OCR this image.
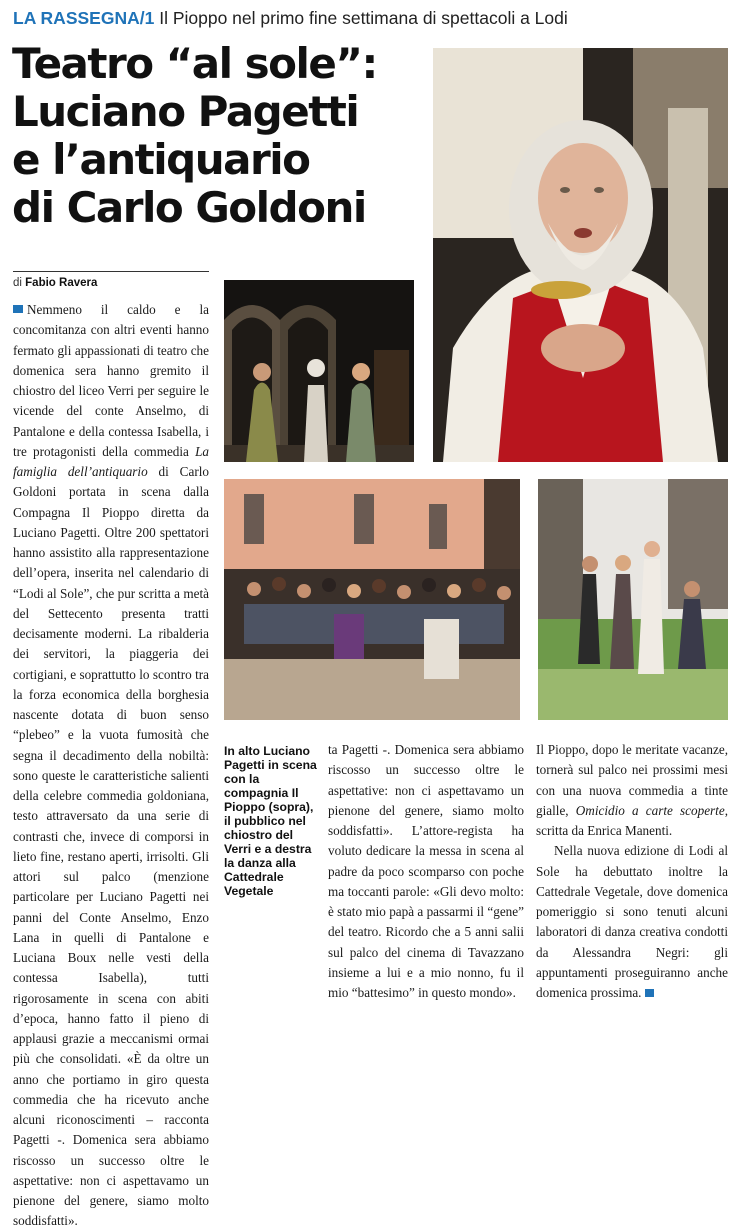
LA RASSEGNA/1 Il Pioppo nel primo fine settimana di spettacoli a Lodi
Teatro “al sole”:
Luciano Pagetti
e l’antiquario
di Carlo Goldoni
di Fabio Ravera
Nemmeno il caldo e la concomitanza con altri eventi hanno fermato gli appassionati di teatro che domenica sera hanno gremito il chiostro del liceo Verri per seguire le vicende del conte Anselmo, di Pantalone e della contessa Isabella, i tre protagonisti della commedia La famiglia dell’antiquario di Carlo Goldoni portata in scena dalla Compagna Il Pioppo diretta da Luciano Pagetti. Oltre 200 spettatori hanno assistito alla rappresentazione dell’opera, inserita nel calendario di “Lodi al Sole”, che pur scritta a metà del Settecento presenta tratti decisamente moderni. La ribalderia dei servitori, la piaggeria dei cortigiani, e soprattutto lo scontro tra la forza economica della borghesia nascente dotata di buon senso “plebeo” e la vuota fumosità che segna il decadimento della nobiltà: sono queste le caratteristiche salienti della celebre commedia goldoniana, testo attraversato da una serie di contrasti che, invece di comporsi in lieto fine, restano aperti, irrisolti. Gli attori sul palco (menzione particolare per Luciano Pagetti nei panni del Conte Anselmo, Enzo Lana in quelli di Pantalone e Luciana Boux nelle vesti della contessa Isabella), tutti rigorosamente in scena con abiti d’epoca, hanno fatto il pieno di applausi grazie a meccanismi ormai più che consolidati. «È da oltre un anno che portiamo in giro questa commedia che ha ricevuto anche alcuni riconoscimenti – racconta Pagetti -. Domenica sera abbiamo riscosso un successo oltre le aspettative: non ci aspettavamo un pienone del genere, siamo molto soddisfatti».
In alto Luciano Pagetti in scena con la compagnia Il Pioppo (sopra), il pubblico nel chiostro del Verri e a destra la danza alla Cattedrale Vegetale
ta Pagetti -. Domenica sera abbiamo riscosso un successo oltre le aspettative: non ci aspettavamo un pienone del genere, siamo molto soddisfatti». L’attore-regista ha voluto dedicare la messa in scena al padre da poco scomparso con poche ma toccanti parole: «Gli devo molto: è stato mio papà a passarmi il “gene” del teatro. Ricordo che a 5 anni salii sul palco del cinema di Tavazzano insieme a lui e a mio nonno, fu il mio “battesimo” in questo mondo».
Il Pioppo, dopo le meritate vacanze, tornerà sul palco nei prossimi mesi con una nuova commedia a tinte gialle, Omicidio a carte scoperte, scritta da Enrica Manenti.
Nella nuova edizione di Lodi al Sole ha debuttato inoltre la Cattedrale Vegetale, dove domenica pomeriggio si sono tenuti alcuni laboratori di danza creativa condotti da Alessandra Negri: gli appuntamenti proseguiranno anche domenica prossima.
